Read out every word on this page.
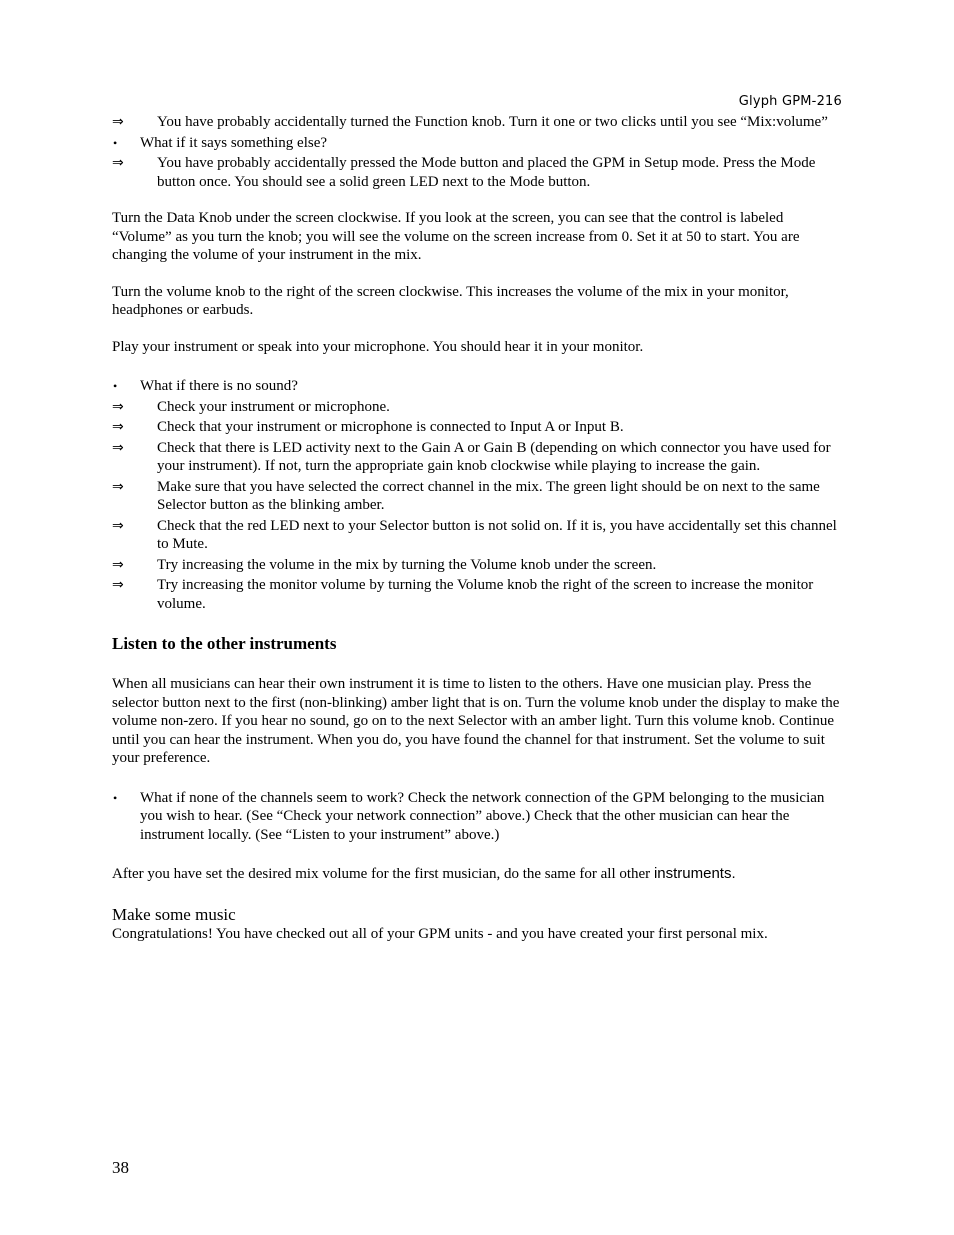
Glyph GPM-216
⇒	You have probably accidentally turned the Function knob. Turn it one or two clicks until you see “Mix:volume”

•	What if it says something else?

⇒	You have probably accidentally pressed the Mode button and placed the GPM in Setup mode. Press the Mode button once. You should see a solid green LED next to the Mode button.

Turn the Data Knob under the screen clockwise. If you look at the screen, you can see that the control is labeled “Volume” as you turn the knob; you will see the volume on the screen increase from 0. Set it at 50 to start. You are changing the volume of your instrument in the mix.

Turn the volume knob to the right of the screen clockwise. This increases the volume of the mix in your monitor, headphones or earbuds.

Play your instrument or speak into your microphone. You should hear it in your monitor.

•	What if there is no sound?

⇒	Check your instrument or microphone.

⇒	Check that your instrument or microphone is connected to Input A or Input B.

⇒	Check that there is LED activity next to the Gain A or Gain B (depending on which connector you have used for your instrument). If not, turn the appropriate gain knob clockwise while playing to increase the gain.

⇒	Make sure that you have selected the correct channel in the mix. The green light should be on next to the same Selector button as the blinking amber.

⇒	Check that the red LED next to your Selector button is not solid on. If it is, you have accidentally set this channel to Mute.

⇒	Try increasing the volume in the mix by turning the Volume knob under the screen.

⇒	Try increasing the monitor volume by turning the Volume knob the right of the screen to increase the monitor volume.

Listen to the other instruments

When all musicians can hear their own instrument it is time to listen to the others. Have one musician play. Press the selector button next to the first (non-blinking) amber light that is on. Turn the volume knob under the display to make the volume non-zero. If you hear no sound, go on to the next Selector with an amber light. Turn this volume knob. Continue until you can hear the instrument. When you do, you have found the channel for that instrument. Set the volume to suit your preference.

•	What if none of the channels seem to work? Check the network connection of the GPM belonging to the musician you wish to hear. (See “Check your network connection” above.) Check that the other musician can hear the instrument locally. (See “Listen to your instrument” above.)

After you have set the desired mix volume for the first musician, do the same for all other instruments.

Make some music

Congratulations! You have checked out all of your GPM units - and you have created your first personal mix.

38
